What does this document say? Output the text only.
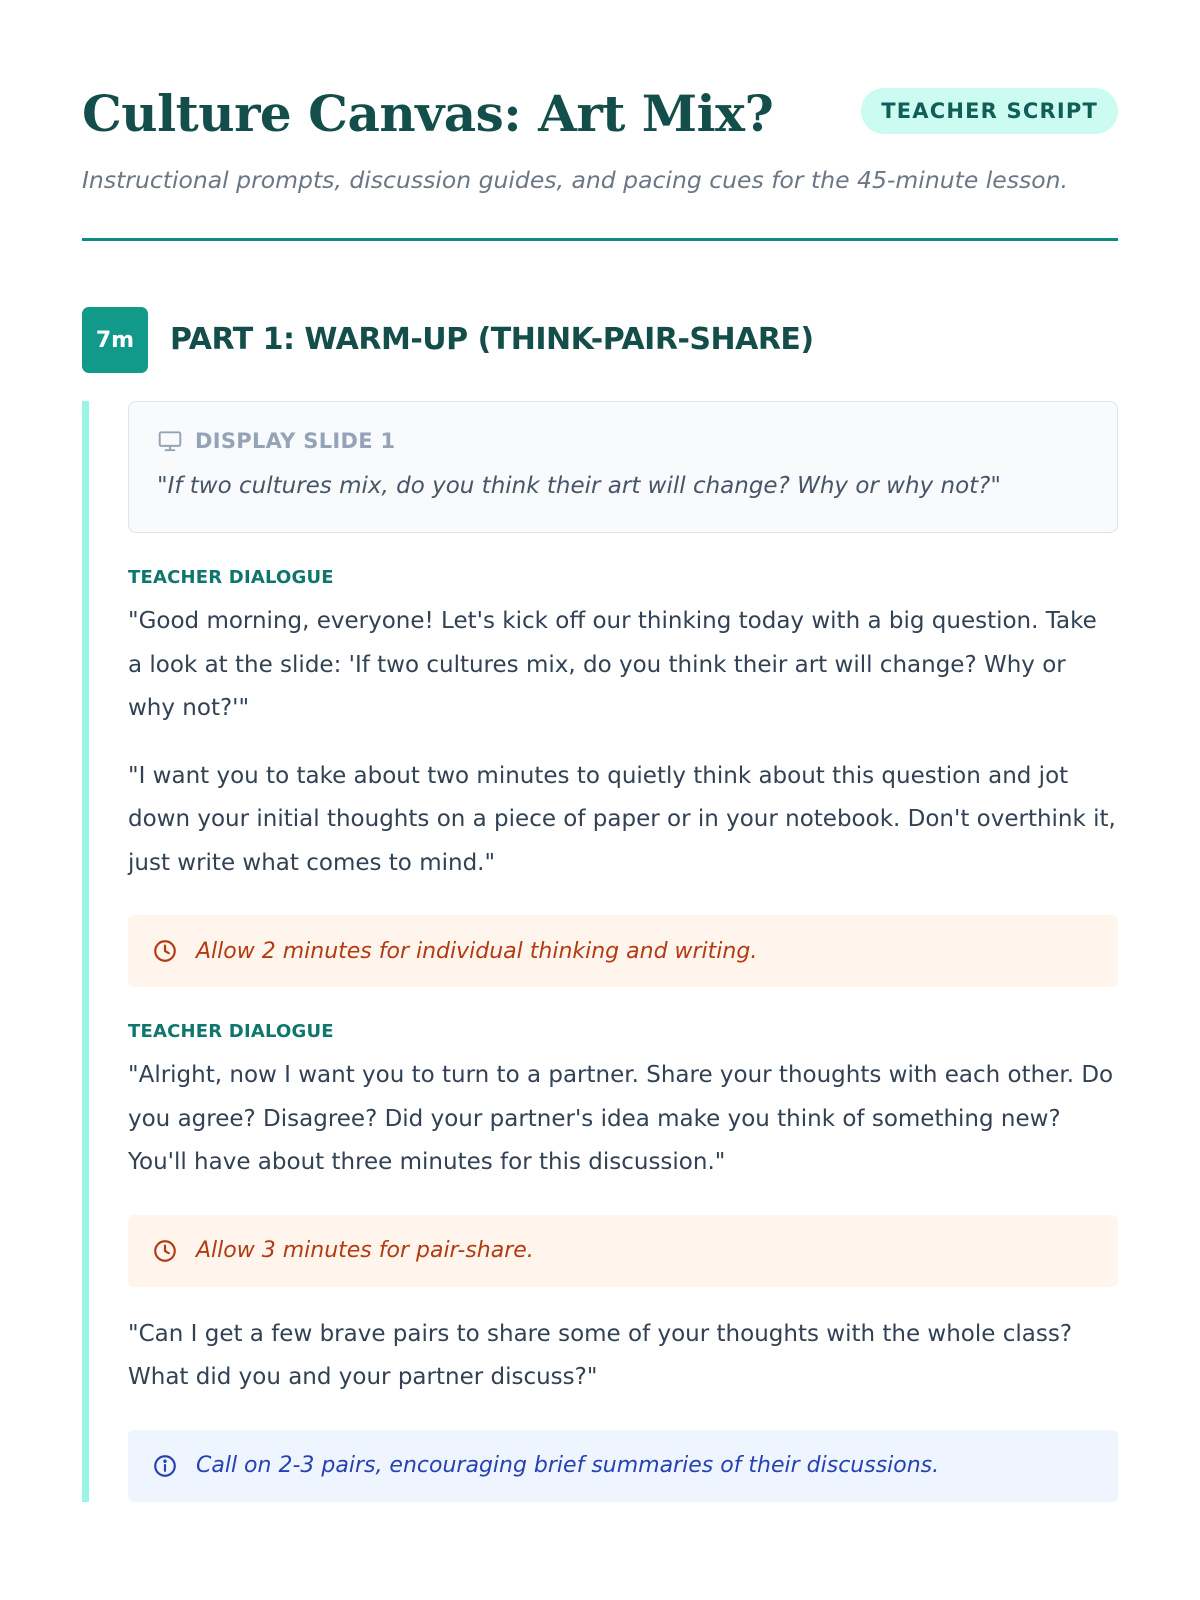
Culture Canvas: Art Mix?	TEACHER SCRIPT

Instructional prompts, discussion guides, and pacing cues for the 45-minute lesson.

7m	PART 1: WARM-UP (THINK-PAIR-SHARE)
DISPLAY SLIDE 1
"If two cultures mix, do you think their art will change? Why or why not?"
TEACHER DIALOGUE

"Good morning, everyone! Let's kick off our thinking today with a big question. Take a look at the slide: 'If two cultures mix, do you think their art will change? Why or why not?'"

"I want you to take about two minutes to quietly think about this question and jot down your initial thoughts on a piece of paper or in your notebook. Don't overthink it, just write what comes to mind."

Allow 2 minutes for individual thinking and writing.
TEACHER DIALOGUE

"Alright, now I want you to turn to a partner. Share your thoughts with each other. Do you agree? Disagree? Did your partner's idea make you think of something new? You'll have about three minutes for this discussion."

Allow 3 minutes for pair-share.

"Can I get a few brave pairs to share some of your thoughts with the whole class? What did you and your partner discuss?"

Call on 2-3 pairs, encouraging brief summaries of their discussions.
